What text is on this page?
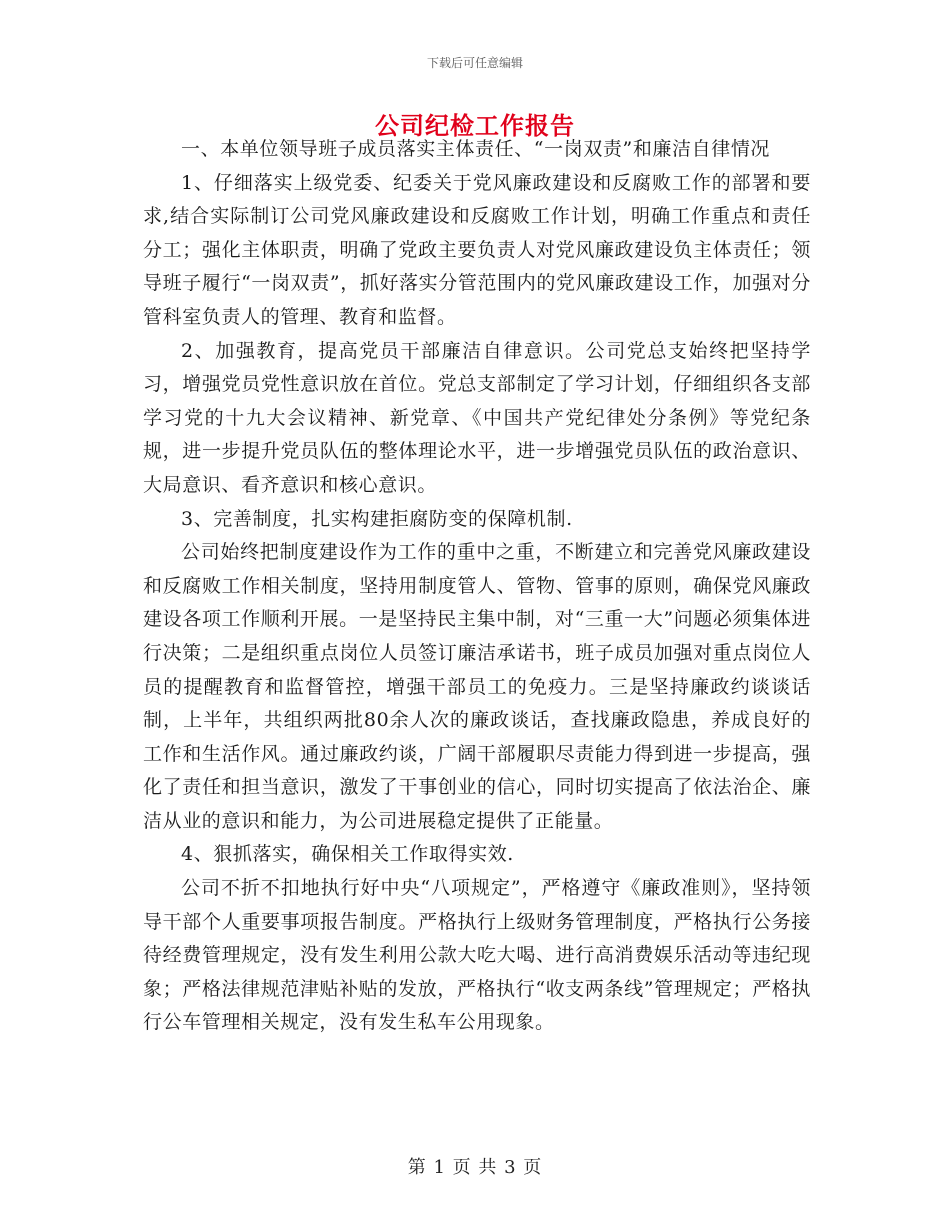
下载后可任意编辑
公司纪检工作报告

一、本单位领导班子成员落实主体责任、“一岗双责”和廉洁自律情况

1、仔细落实上级党委、纪委关于党风廉政建设和反腐败工作的部署和要求,结合实际制订公司党风廉政建设和反腐败工作计划，明确工作重点和责任分工；强化主体职责，明确了党政主要负责人对党风廉政建设负主体责任；领导班子履行“一岗双责”，抓好落实分管范围内的党风廉政建设工作，加强对分管科室负责人的管理、教育和监督。

2、加强教育，提高党员干部廉洁自律意识。公司党总支始终把坚持学习，增强党员党性意识放在首位。党总支部制定了学习计划，仔细组织各支部学习党的十九大会议精神、新党章、《中国共产党纪律处分条例》等党纪条规，进一步提升党员队伍的整体理论水平，进一步增强党员队伍的政治意识、大局意识、看齐意识和核心意识。

3、完善制度，扎实构建拒腐防变的保障机制.

公司始终把制度建设作为工作的重中之重，不断建立和完善党风廉政建设和反腐败工作相关制度，坚持用制度管人、管物、管事的原则，确保党风廉政建设各项工作顺利开展。一是坚持民主集中制，对“三重一大”问题必须集体进行决策；二是组织重点岗位人员签订廉洁承诺书，班子成员加强对重点岗位人员的提醒教育和监督管控，增强干部员工的免疫力。三是坚持廉政约谈谈话制，上半年，共组织两批80余人次的廉政谈话，查找廉政隐患，养成良好的工作和生活作风。通过廉政约谈，广阔干部履职尽责能力得到进一步提高，强化了责任和担当意识，激发了干事创业的信心，同时切实提高了依法治企、廉洁从业的意识和能力，为公司进展稳定提供了正能量。

4、狠抓落实，确保相关工作取得实效.

公司不折不扣地执行好中央“八项规定”，严格遵守《廉政准则》，坚持领导干部个人重要事项报告制度。严格执行上级财务管理制度，严格执行公务接待经费管理规定，没有发生利用公款大吃大喝、进行高消费娱乐活动等违纪现象；严格法律规范津贴补贴的发放，严格执行“收支两条线”管理规定；严格执行公车管理相关规定，没有发生私车公用现象。

第 1 页 共 3 页
